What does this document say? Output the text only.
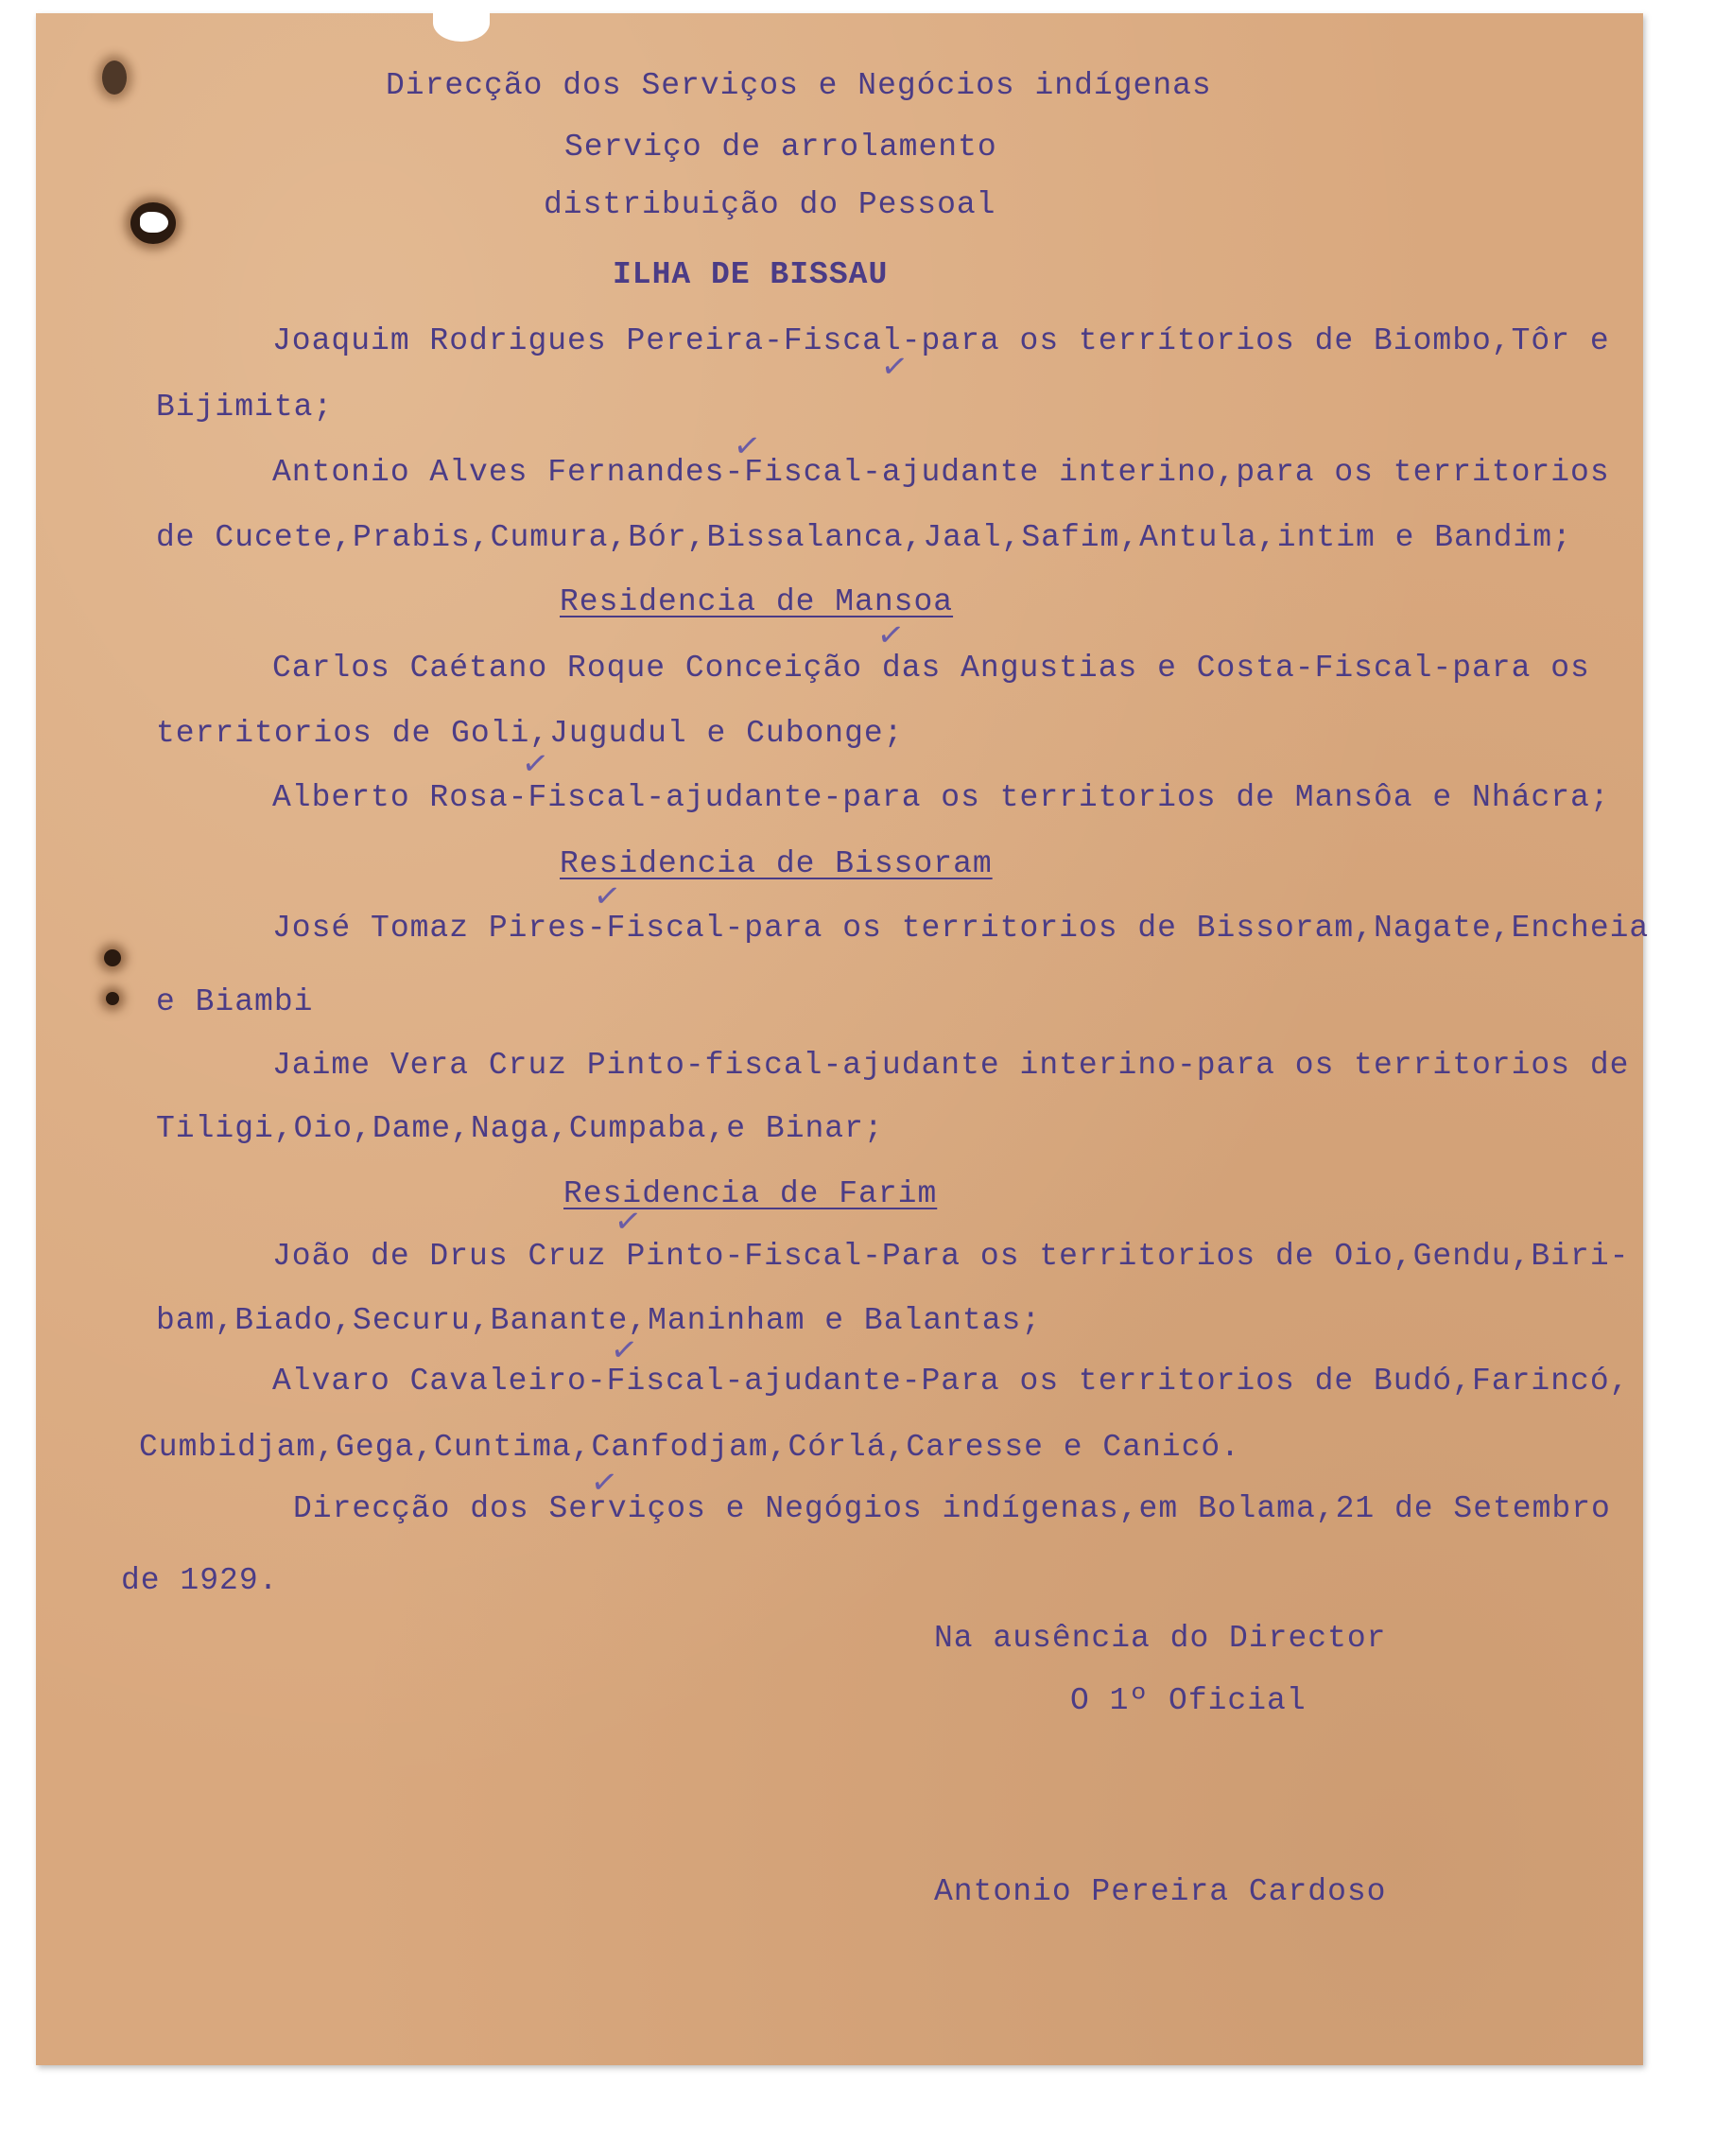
Direcção dos Serviços e Negócios indígenas
Serviço de arrolamento
distribuição do Pessoal
ILHA DE BISSAU
Joaquim Rodrigues Pereira-Fiscal-para os terrítorios de Biombo,Tôr e
Bijimita;
Antonio Alves Fernandes-Fiscal-ajudante interino,para os territorios
de Cucete,Prabis,Cumura,Bór,Bissalanca,Jaal,Safim,Antula,intim e Bandim;
Residencia de Mansoa
Carlos Caétano Roque Conceição das Angustias e Costa-Fiscal-para os
territorios de Goli,Jugudul e Cubonge;
Alberto Rosa-Fiscal-ajudante-para os territorios de Mansôa e Nhácra;
Residencia de Bissoram
José Tomaz Pires-Fiscal-para os territorios de Bissoram,Nagate,Encheia
e Biambi
Jaime Vera Cruz Pinto-fiscal-ajudante interino-para os territorios de
Tiligi,Oio,Dame,Naga,Cumpaba,e Binar;
Residencia de Farim
João de Drus Cruz Pinto-Fiscal-Para os territorios de Oio,Gendu,Biri-
bam,Biado,Securu,Banante,Maninham e Balantas;
Alvaro Cavaleiro-Fiscal-ajudante-Para os territorios de Budó,Farincó,
Cumbidjam,Gega,Cuntima,Canfodjam,Córlá,Caresse e Canicó.
Direcção dos Serviços e Negógios indígenas,em Bolama,21 de Setembro
de 1929.
Na ausência do Director
O 1º Oficial
Antonio Pereira Cardoso
✓
✓
✓
✓
✓
✓
✓
✓
